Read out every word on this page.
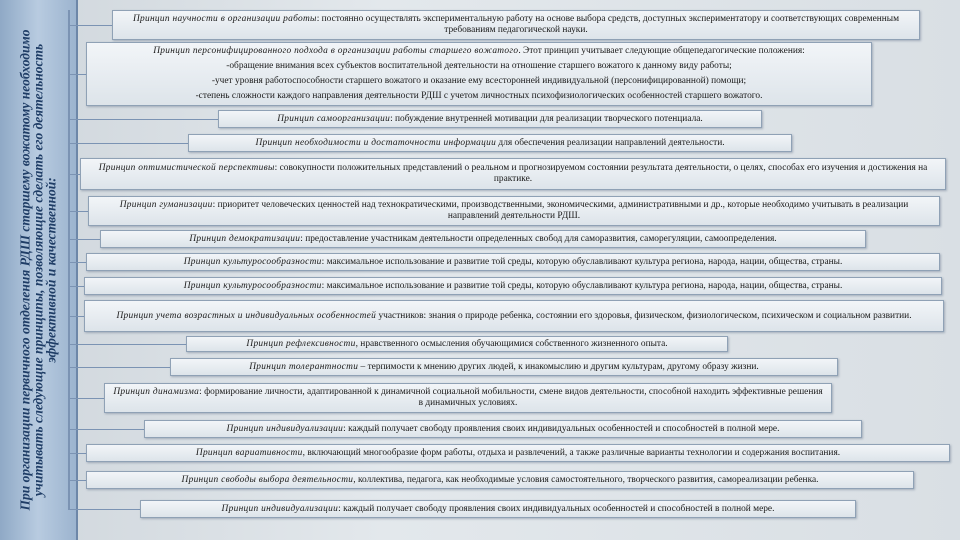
При организации первичного отделения РДШ старшему вожатому необходимо учитывать следующие принципы, позволяющие сделать его деятельность эффективной и качественной:
Принцип научности в организации работы: постоянно осуществлять экспериментальную работу на основе выбора средств, доступных экспериментатору и соответствующих современным требованиям педагогической науки.
Принцип персонифицированного подхода в организации работы старшего вожатого. Этот принцип учитывает следующие общепедагогические положения:
-обращение внимания всех субъектов воспитательной деятельности на отношение старшего вожатого к данному виду работы;
-учет уровня работоспособности старшего вожатого и оказание ему всесторонней индивидуальной (персонифицированной) помощи;
-степень сложности каждого направления деятельности РДШ с учетом личностных психофизиологических особенностей старшего вожатого.
Принцип самоорганизации: побуждение внутренней мотивации для реализации творческого потенциала.
Принцип необходимости и достаточности информации для обеспечения реализации направлений деятельности.
Принцип оптимистической перспективы: совокупности положительных представлений о реальном и прогнозируемом состоянии результата деятельности, о целях, способах его изучения и достижения на практике.
Принцип гуманизации: приоритет человеческих ценностей над технократическими, производственными, экономическими, административными и др., которые необходимо учитывать в реализации направлений деятельности РДШ.
Принцип демократизации: предоставление участникам деятельности определенных свобод для саморазвития, саморегуляции, самоопределения.
Принцип культуросообразности: максимальное использование и развитие той среды, которую обуславливают культура региона, народа, нации, общества, страны.
Принцип культуросообразности: максимальное использование и развитие той среды, которую обуславливают культура региона, народа, нации, общества, страны.
Принцип учета возрастных и индивидуальных особенностей участников: знания о природе ребенка, состоянии его здоровья, физическом, физиологическом, психическом и социальном развитии.
Принцип рефлексивности, нравственного осмысления обучающимися собственного жизненного опыта.
Принцип толерантности – терпимости к мнению других людей, к инакомыслию и другим культурам, другому образу жизни.
Принцип динамизма: формирование личности, адаптированной к динамичной социальной мобильности, смене видов деятельности, способной находить эффективные решения в динамичных условиях.
Принцип индивидуализации: каждый получает свободу проявления своих индивидуальных особенностей и способностей в полной мере.
Принцип вариативности, включающий многообразие форм работы, отдыха и развлечений, а также различные варианты технологии и содержания воспитания.
Принцип свободы выбора деятельности, коллектива, педагога, как необходимые условия самостоятельного, творческого развития, самореализации ребенка.
Принцип индивидуализации: каждый получает свободу проявления своих индивидуальных особенностей и способностей в полной мере.
